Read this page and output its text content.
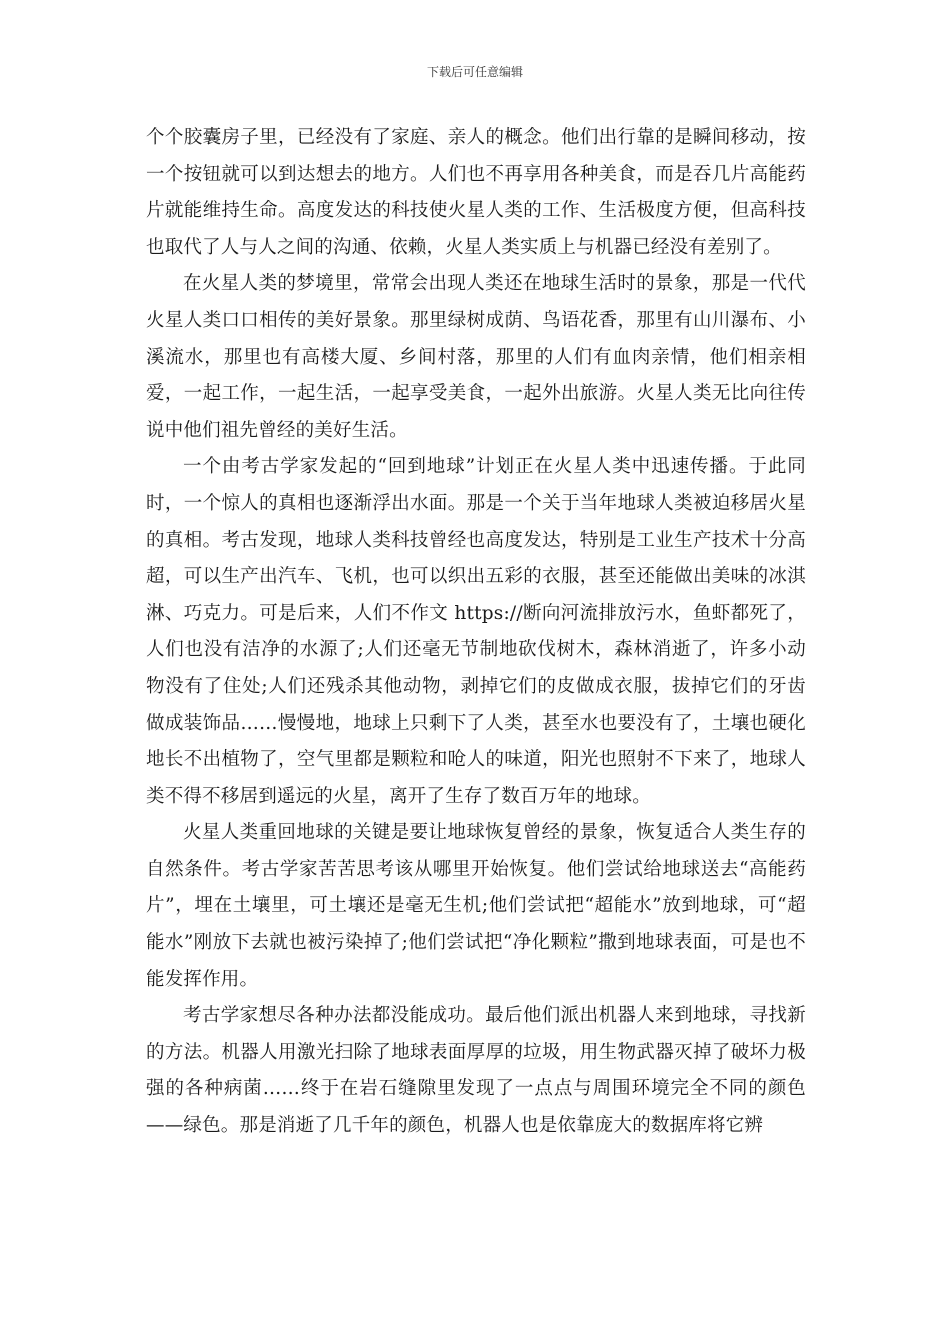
下载后可任意编辑

个个胶囊房子里，已经没有了家庭、亲人的概念。他们出行靠的是瞬间移动，按一个按钮就可以到达想去的地方。人们也不再享用各种美食，而是吞几片高能药片就能维持生命。高度发达的科技使火星人类的工作、生活极度方便，但高科技也取代了人与人之间的沟通、依赖，火星人类实质上与机器已经没有差别了。

在火星人类的梦境里，常常会出现人类还在地球生活时的景象，那是一代代火星人类口口相传的美好景象。那里绿树成荫、鸟语花香，那里有山川瀑布、小溪流水，那里也有高楼大厦、乡间村落，那里的人们有血肉亲情，他们相亲相爱，一起工作，一起生活，一起享受美食，一起外出旅游。火星人类无比向往传说中他们祖先曾经的美好生活。

一个由考古学家发起的“回到地球”计划正在火星人类中迅速传播。于此同时，一个惊人的真相也逐渐浮出水面。那是一个关于当年地球人类被迫移居火星的真相。考古发现，地球人类科技曾经也高度发达，特别是工业生产技术十分高超，可以生产出汽车、飞机，也可以织出五彩的衣服，甚至还能做出美味的冰淇淋、巧克力。可是后来，人们不作文 https://断向河流排放污水，鱼虾都死了，人们也没有洁净的水源了;人们还毫无节制地砍伐树木，森林消逝了，许多小动物没有了住处;人们还残杀其他动物，剥掉它们的皮做成衣服，拔掉它们的牙齿做成装饰品……慢慢地，地球上只剩下了人类，甚至水也要没有了，土壤也硬化地长不出植物了，空气里都是颗粒和呛人的味道，阳光也照射不下来了，地球人类不得不移居到遥远的火星，离开了生存了数百万年的地球。

火星人类重回地球的关键是要让地球恢复曾经的景象，恢复适合人类生存的自然条件。考古学家苦苦思考该从哪里开始恢复。他们尝试给地球送去“高能药片”，埋在土壤里，可土壤还是毫无生机;他们尝试把“超能水”放到地球，可“超能水”刚放下去就也被污染掉了;他们尝试把“净化颗粒”撒到地球表面，可是也不能发挥作用。

考古学家想尽各种办法都没能成功。最后他们派出机器人来到地球，寻找新的方法。机器人用激光扫除了地球表面厚厚的垃圾，用生物武器灭掉了破坏力极强的各种病菌……终于在岩石缝隙里发现了一点点与周围环境完全不同的颜色——绿色。那是消逝了几千年的颜色，机器人也是依靠庞大的数据库将它辨
